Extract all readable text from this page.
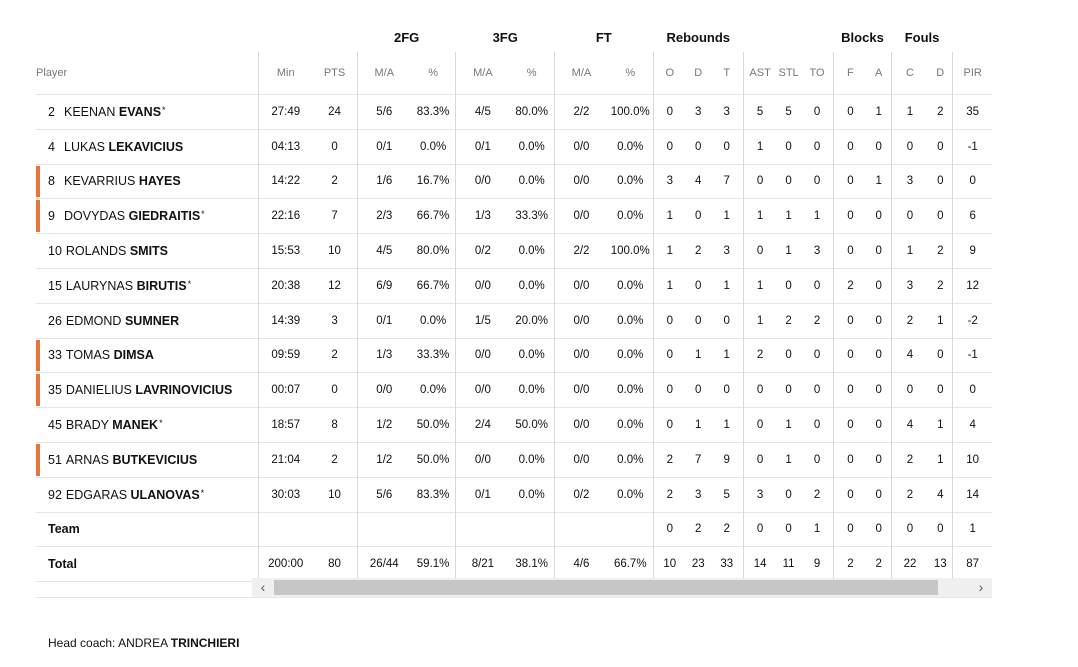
			2FG		3FG		FT		Rebounds						Blocks		Fouls		
Player	Min	PTS	M/A	%	M/A	%	M/A	%	O	D	T	AST	STL	TO	F	A	C	D	PIR
2 KEENAN EVANS*	27:49	24	5/6	83.3%	4/5	80.0%	2/2	100.0%	0	3	3	5	5	0	0	1	1	2	35
4 LUKAS LEKAVICIUS	04:13	0	0/1	0.0%	0/1	0.0%	0/0	0.0%	0	0	0	1	0	0	0	0	0	0	-1

8 KEVARRIUS HAYES	14:22	2	1/6	16.7%	0/0	0.0%	0/0	0.0%	3	4	7	0	0	0	0	1	3	0	0

9 DOVYDAS GIEDRAITIS*	22:16	7	2/3	66.7%	1/3	33.3%	0/0	0.0%	1	0	1	1	1	1	0	0	0	0	6
10 ROLANDS SMITS	15:53	10	4/5	80.0%	0/2	0.0%	2/2	100.0%	1	2	3	0	1	3	0	0	1	2	9
15 LAURYNAS BIRUTIS*	20:38	12	6/9	66.7%	0/0	0.0%	0/0	0.0%	1	0	1	1	0	0	2	0	3	2	12
26 EDMOND SUMNER	14:39	3	0/1	0.0%	1/5	20.0%	0/0	0.0%	0	0	0	1	2	2	0	0	2	1	-2

33 TOMAS DIMSA	09:59	2	1/3	33.3%	0/0	0.0%	0/0	0.0%	0	1	1	2	0	0	0	0	4	0	-1

35 DANIELIUS LAVRINOVICIUS	00:07	0	0/0	0.0%	0/0	0.0%	0/0	0.0%	0	0	0	0	0	0	0	0	0	0	0
45 BRADY MANEK*	18:57	8	1/2	50.0%	2/4	50.0%	0/0	0.0%	0	1	1	0	1	0	0	0	4	1	4

51 ARNAS BUTKEVICIUS	21:04	2	1/2	50.0%	0/0	0.0%	0/0	0.0%	2	7	9	0	1	0	0	0	2	1	10
92 EDGARAS ULANOVAS*	30:03	10	5/6	83.3%	0/1	0.0%	0/2	0.0%	2	3	5	3	0	2	0	0	2	4	14
Team									0	2	2	0	0	1	0	0	0	0	1
Total	200:00	80	26/44	59.1%	8/21	38.1%	4/6	66.7%	10	23	33	14	11	9	2	2	22	13	87
‹	›
Head coach: ANDREA TRINCHIERI
